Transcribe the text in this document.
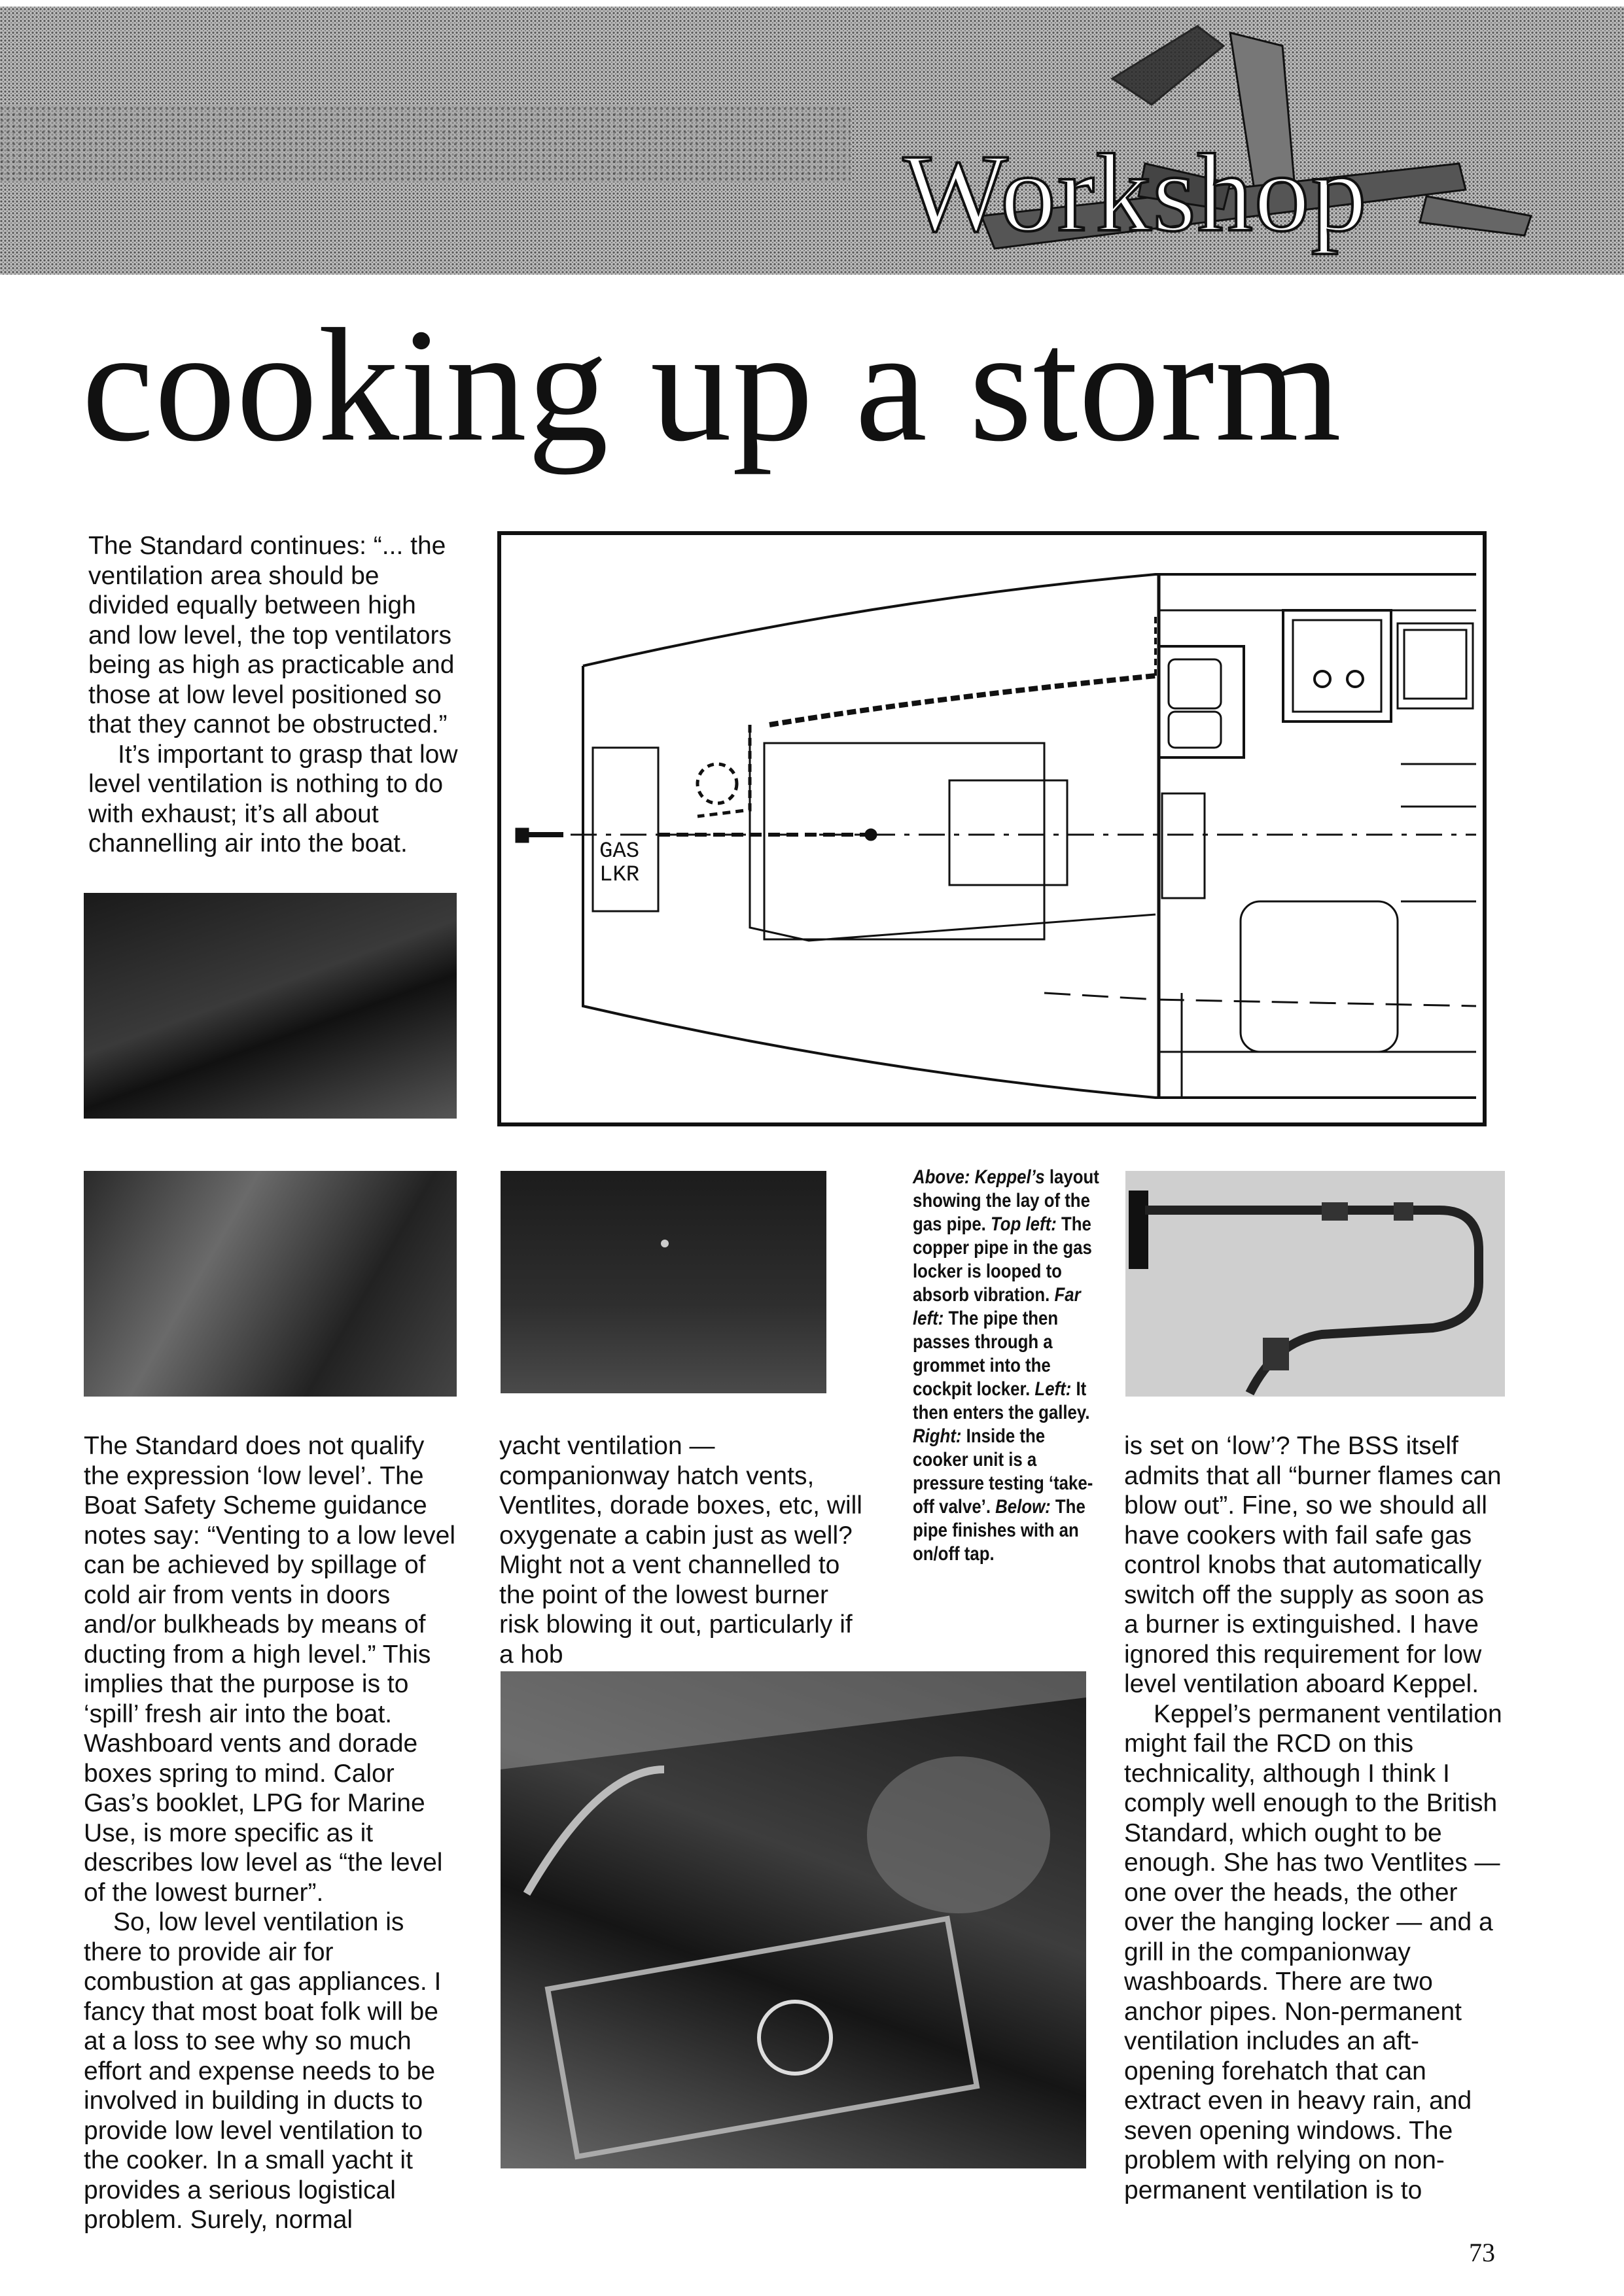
Workshop
cooking up a storm

The Standard continues: “... the ventilation area should be divided equally between high and low level, the top ventilators being as high as practicable and those at low level positioned so that they cannot be obstructed.”

It’s important to grasp that low level ventilation is nothing to do with exhaust; it’s all about channelling air into the boat.	GAS
LKR
Above: Keppel’s layout showing the lay of the gas pipe. Top left: The copper pipe in the gas locker is looped to absorb vibration. Far left: The pipe then passes through a grommet into the cockpit locker. Left: It then enters the galley. Right: Inside the cooker unit is a pressure testing ‘take-off valve’. Below: The pipe finishes with an on/off tap.

The Standard does not qualify the expression ‘low level’. The Boat Safety Scheme guidance notes say: “Venting to a low level can be achieved by spillage of cold air from vents in doors and/or bulkheads by means of ducting from a high level.” This implies that the purpose is to ‘spill’ fresh air into the boat. Washboard vents and dorade boxes spring to mind. Calor Gas’s booklet, LPG for Marine Use, is more specific as it describes low level as “the level of the lowest burner”.

So, low level ventilation is there to provide air for combustion at gas appliances. I fancy that most boat folk will be at a loss to see why so much effort and expense needs to be involved in building in ducts to provide low level ventilation to the cooker. In a small yacht it provides a serious logistical problem. Surely, normal

yacht ventilation — companionway hatch vents, Ventlites, dorade boxes, etc, will oxygenate a cabin just as well? Might not a vent channelled to the point of the lowest burner risk blowing it out, particularly if a hob

is set on ‘low’? The BSS itself admits that all “burner flames can blow out”. Fine, so we should all have cookers with fail safe gas control knobs that automatically switch off the supply as soon as a burner is extinguished. I have ignored this requirement for low level ventilation aboard Keppel.

Keppel’s permanent ventilation might fail the RCD on this technicality, although I think I comply well enough to the British Standard, which ought to be enough. She has two Ventlites — one over the heads, the other over the hanging locker — and a grill in the companionway washboards. There are two anchor pipes. Non-permanent ventilation includes an aft-opening forehatch that can extract even in heavy rain, and seven opening windows. The problem with relying on non-permanent ventilation is to

73
